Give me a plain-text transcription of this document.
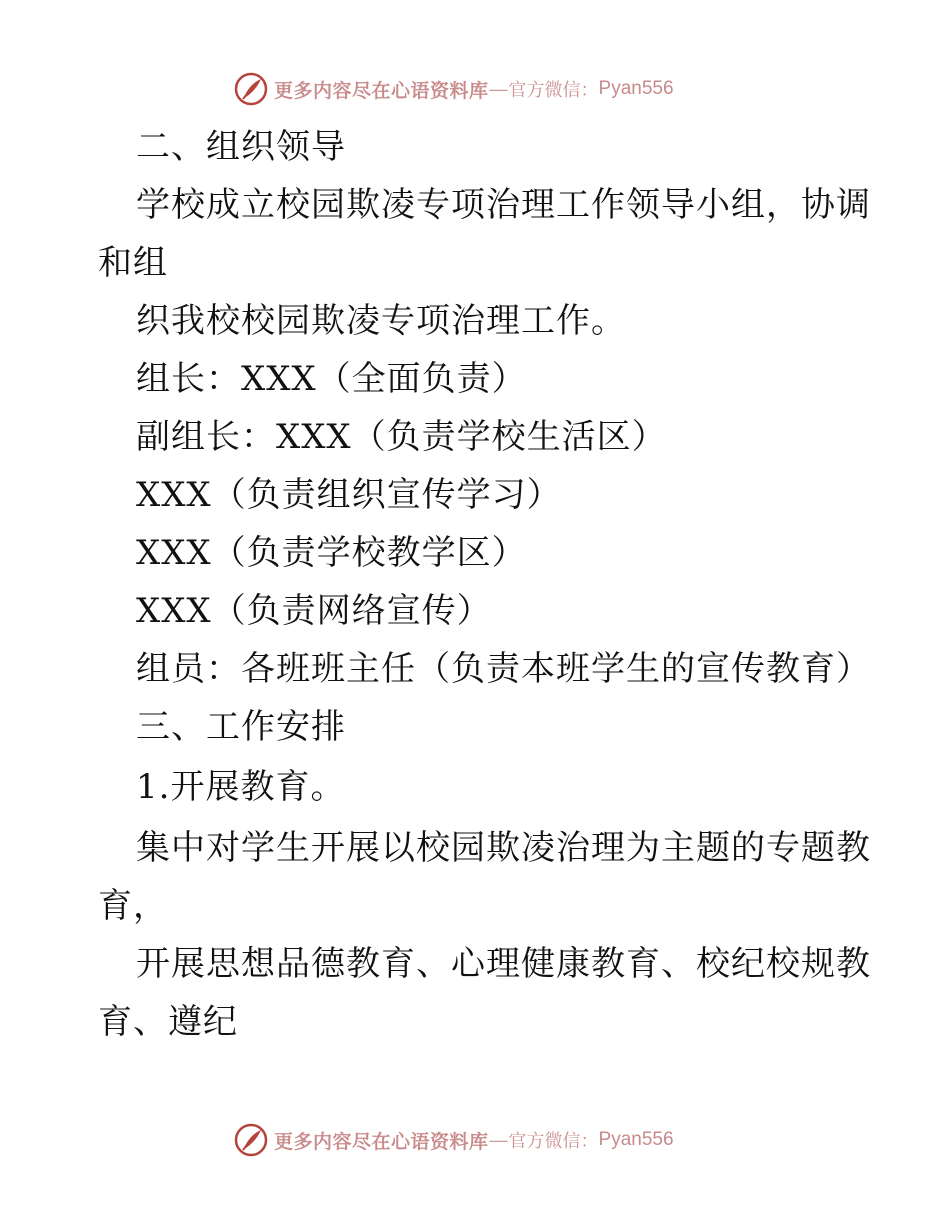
更多内容尽在心语资料库 — 官方微信： Pyan556
二、组织领导
学校成立校园欺凌专项治理工作领导小组，协调
和组
织我校校园欺凌专项治理工作。
组长：XXX（全面负责）
副组长：XXX（负责学校生活区）
XXX（负责组织宣传学习）
XXX（负责学校教学区）
XXX（负责网络宣传）
组员：各班班主任（负责本班学生的宣传教育）
三、工作安排
1.开展教育。
集中对学生开展以校园欺凌治理为主题的专题教
育，
开展思想品德教育、心理健康教育、校纪校规教
育、遵纪
更多内容尽在心语资料库 — 官方微信： Pyan556
